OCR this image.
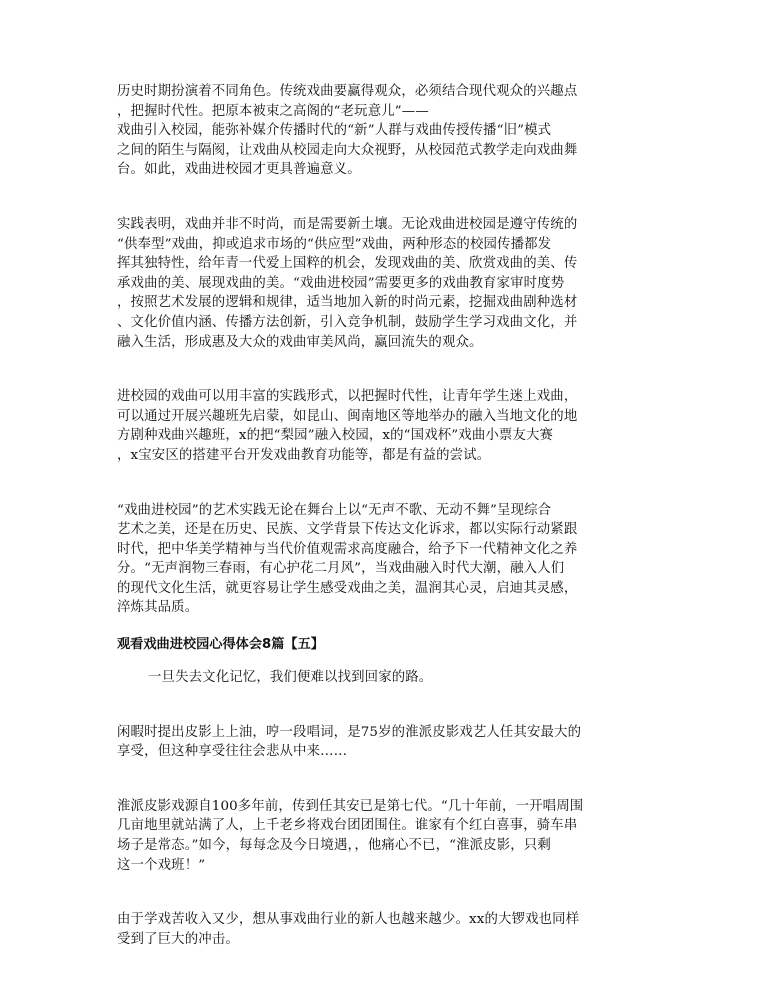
历史时期扮演着不同角色。传统戏曲要赢得观众，必须结合现代观众的兴趣点
，把握时代性。把原本被束之高阁的“老玩意儿”——
戏曲引入校园，能弥补媒介传播时代的“新”人群与戏曲传授传播“旧”模式
之间的陌生与隔阂，让戏曲从校园走向大众视野，从校园范式教学走向戏曲舞
台。如此，戏曲进校园才更具普遍意义。
实践表明，戏曲并非不时尚，而是需要新土壤。无论戏曲进校园是遵守传统的
“供奉型”戏曲，抑或追求市场的“供应型”戏曲，两种形态的校园传播都发
挥其独特性，给年青一代爱上国粹的机会，发现戏曲的美、欣赏戏曲的美、传
承戏曲的美、展现戏曲的美。“戏曲进校园”需要更多的戏曲教育家审时度势
，按照艺术发展的逻辑和规律，适当地加入新的时尚元素，挖掘戏曲剧种选材
、文化价值内涵、传播方法创新，引入竞争机制，鼓励学生学习戏曲文化，并
融入生活，形成惠及大众的戏曲审美风尚，赢回流失的观众。
进校园的戏曲可以用丰富的实践形式，以把握时代性，让青年学生迷上戏曲，
可以通过开展兴趣班先启蒙，如昆山、闽南地区等地举办的融入当地文化的地
方剧种戏曲兴趣班，x的把“梨园”融入校园，x的“国戏杯”戏曲小票友大赛
，x宝安区的搭建平台开发戏曲教育功能等，都是有益的尝试。
“戏曲进校园”的艺术实践无论在舞台上以“无声不歌、无动不舞”呈现综合
艺术之美，还是在历史、民族、文学背景下传达文化诉求，都以实际行动紧跟
时代，把中华美学精神与当代价值观需求高度融合，给予下一代精神文化之养
分。“无声润物三春雨，有心护花二月风”，当戏曲融入时代大潮，融入人们
的现代文化生活，就更容易让学生感受戏曲之美，温润其心灵，启迪其灵感，
淬炼其品质。
观看戏曲进校园心得体会8篇【五】
一旦失去文化记忆，我们便难以找到回家的路。
闲暇时提出皮影上上油，哼一段唱词，是75岁的淮派皮影戏艺人任其安最大的
享受，但这种享受往往会悲从中来……
淮派皮影戏源自100多年前，传到任其安已是第七代。“几十年前，一开唱周围
几亩地里就站满了人，上千老乡将戏台团团围住。谁家有个红白喜事，骑车串
场子是常态。”如今，每每念及今日境遇，，他痛心不已，“淮派皮影，只剩
这一个戏班！”
由于学戏苦收入又少，想从事戏曲行业的新人也越来越少。xx的大锣戏也同样
受到了巨大的冲击。
